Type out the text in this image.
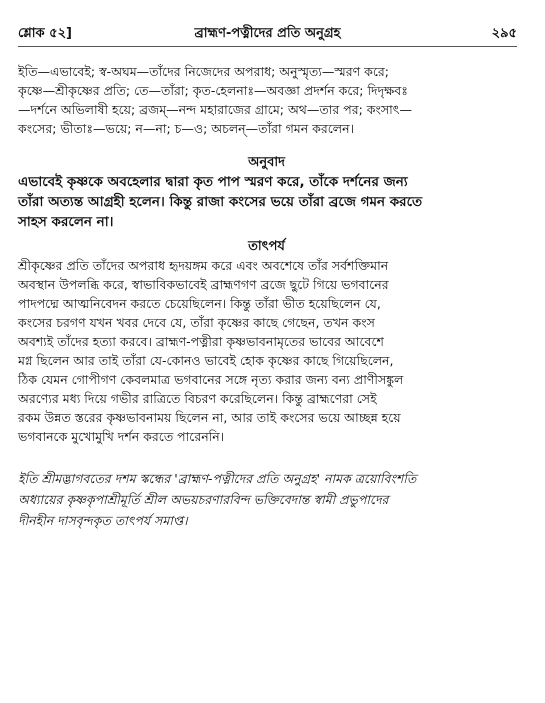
শ্লোক ৫২]	ব্রাহ্মণ-পত্নীদের প্রতি অনুগ্রহ	২৯৫

ইতি—এভাবেই; স্ব-অঘম—তাঁদের নিজেদের অপরাধ; অনুস্মৃত্য—স্মরণ করে;

কৃষ্ণে—শ্রীকৃষ্ণের প্রতি; তে—তাঁরা; কৃত-হেলনাঃ—অবজ্ঞা প্রদর্শন করে; দিদৃক্ষবঃ

—দর্শনে অভিলাষী হয়ে; ব্রজম্—নন্দ মহারাজের গ্রামে; অথ—তার পর; কংসাৎ—

কংসের; ভীতাঃ—ভয়ে; ন—না; চ—ও; অচলন্—তাঁরা গমন করলেন।

অনুবাদ

এভাবেই কৃষ্ণকে অবহেলার দ্বারা কৃত পাপ স্মরণ করে, তাঁকে দর্শনের জন্য

তাঁরা অত্যন্ত আগ্রহী হলেন। কিন্তু রাজা কংসের ভয়ে তাঁরা ব্রজে গমন করতে

সাহস করলেন না।

তাৎপর্য

শ্রীকৃষ্ণের প্রতি তাঁদের অপরাধ হৃদয়ঙ্গম করে এবং অবশেষে তাঁর সর্বশক্তিমান

অবস্থান উপলব্ধি করে, স্বাভাবিকভাবেই ব্রাহ্মণগণ ব্রজে ছুটে গিয়ে ভগবানের

পাদপদ্মে আত্মনিবেদন করতে চেয়েছিলেন। কিন্তু তাঁরা ভীত হয়েছিলেন যে,

কংসের চরগণ যখন খবর দেবে যে, তাঁরা কৃষ্ণের কাছে গেছেন, তখন কংস

অবশ্যই তাঁদের হত্যা করবে। ব্রাহ্মণ-পত্নীরা কৃষ্ণভাবনামৃতের ভাবের আবেশে

মগ্ন ছিলেন আর তাই তাঁরা যে-কোনও ভাবেই হোক কৃষ্ণের কাছে গিয়েছিলেন,

ঠিক যেমন গোপীগণ কেবলমাত্র ভগবানের সঙ্গে নৃত্য করার জন্য বন্য প্রাণীসঙ্কুল

অরণ্যের মধ্য দিয়ে গভীর রাত্রিতে বিচরণ করেছিলেন। কিন্তু ব্রাহ্মণেরা সেই

রকম উন্নত স্তরের কৃষ্ণভাবনাময় ছিলেন না, আর তাই কংসের ভয়ে আচ্ছন্ন হয়ে

ভগবানকে মুখোমুখি দর্শন করতে পারেননি।

ইতি শ্রীমদ্ভাগবতের দশম স্কন্ধের 'ব্রাহ্মণ-পত্নীদের প্রতি অনুগ্রহ' নামক ত্রয়োবিংশতি

অধ্যায়ের কৃষ্ণকৃপাশ্রীমূর্তি শ্রীল অভয়চরণারবিন্দ ভক্তিবেদান্ত স্বামী প্রভুপাদের

দীনহীন দাসবৃন্দকৃত তাৎপর্য সমাপ্ত।
